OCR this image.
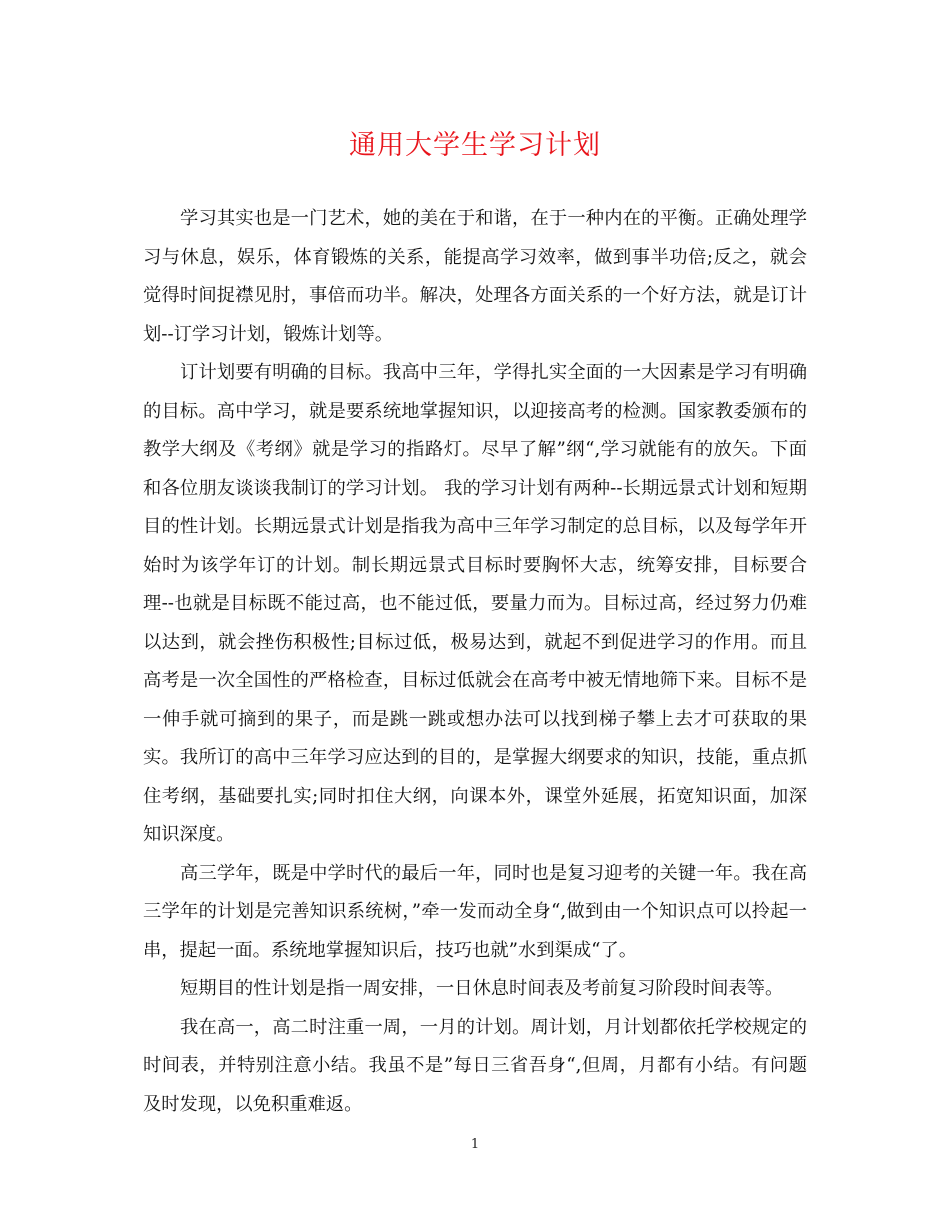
通用大学生学习计划

学习其实也是一门艺术，她的美在于和谐，在于一种内在的平衡。正确处理学习与休息，娱乐，体育锻炼的关系，能提高学习效率，做到事半功倍;反之，就会觉得时间捉襟见肘，事倍而功半。解决，处理各方面关系的一个好方法，就是订计划--订学习计划，锻炼计划等。

订计划要有明确的目标。我高中三年，学得扎实全面的一大因素是学习有明确的目标。高中学习，就是要系统地掌握知识，以迎接高考的检测。国家教委颁布的教学大纲及《考纲》就是学习的指路灯。尽早了解”纲“,学习就能有的放矢。下面和各位朋友谈谈我制订的学习计划。 我的学习计划有两种--长期远景式计划和短期目的性计划。长期远景式计划是指我为高中三年学习制定的总目标，以及每学年开始时为该学年订的计划。制长期远景式目标时要胸怀大志，统筹安排，目标要合理--也就是目标既不能过高，也不能过低，要量力而为。目标过高，经过努力仍难以达到，就会挫伤积极性;目标过低，极易达到，就起不到促进学习的作用。而且高考是一次全国性的严格检查，目标过低就会在高考中被无情地筛下来。目标不是一伸手就可摘到的果子，而是跳一跳或想办法可以找到梯子攀上去才可获取的果实。我所订的高中三年学习应达到的目的，是掌握大纲要求的知识，技能，重点抓住考纲，基础要扎实;同时扣住大纲，向课本外，课堂外延展，拓宽知识面，加深知识深度。

高三学年，既是中学时代的最后一年，同时也是复习迎考的关键一年。我在高三学年的计划是完善知识系统树，”牵一发而动全身“,做到由一个知识点可以拎起一串，提起一面。系统地掌握知识后，技巧也就”水到渠成“了。

短期目的性计划是指一周安排，一日休息时间表及考前复习阶段时间表等。

我在高一，高二时注重一周，一月的计划。周计划，月计划都依托学校规定的时间表，并特别注意小结。我虽不是”每日三省吾身“,但周，月都有小结。有问题及时发现，以免积重难返。

1
